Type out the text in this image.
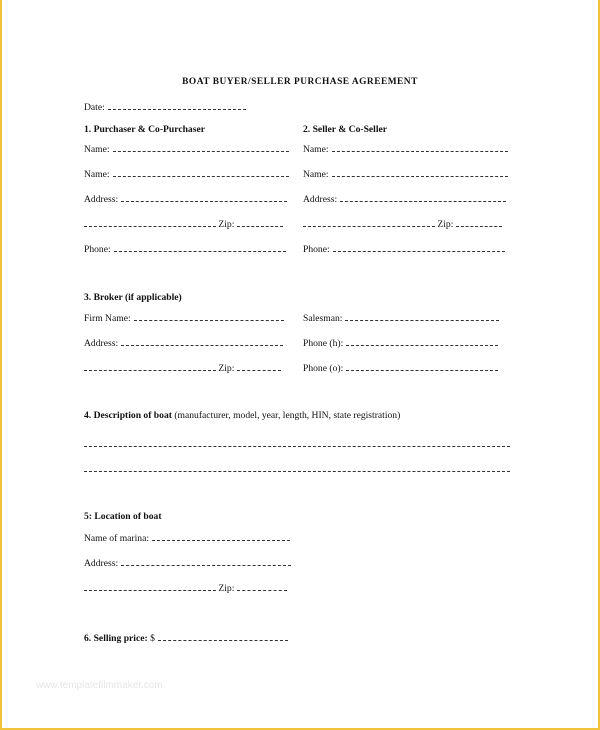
BOAT BUYER/SELLER PURCHASE AGREEMENT
Date:
1. Purchaser & Co-Purchaser
Name:
Name:
Address:
Zip:
Phone:
2. Seller & Co-Seller
Name:
Name:
Address:
Zip:
Phone:
3. Broker (if applicable)
Firm Name:
Address:
Zip:
Salesman:
Phone (h):
Phone (o):
4. Description of boat (manufacturer, model, year, length, HIN, state registration)
5: Location of boat
Name of marina:
Address:
Zip:
6. Selling price: $
www.templatefilmmaker.com
